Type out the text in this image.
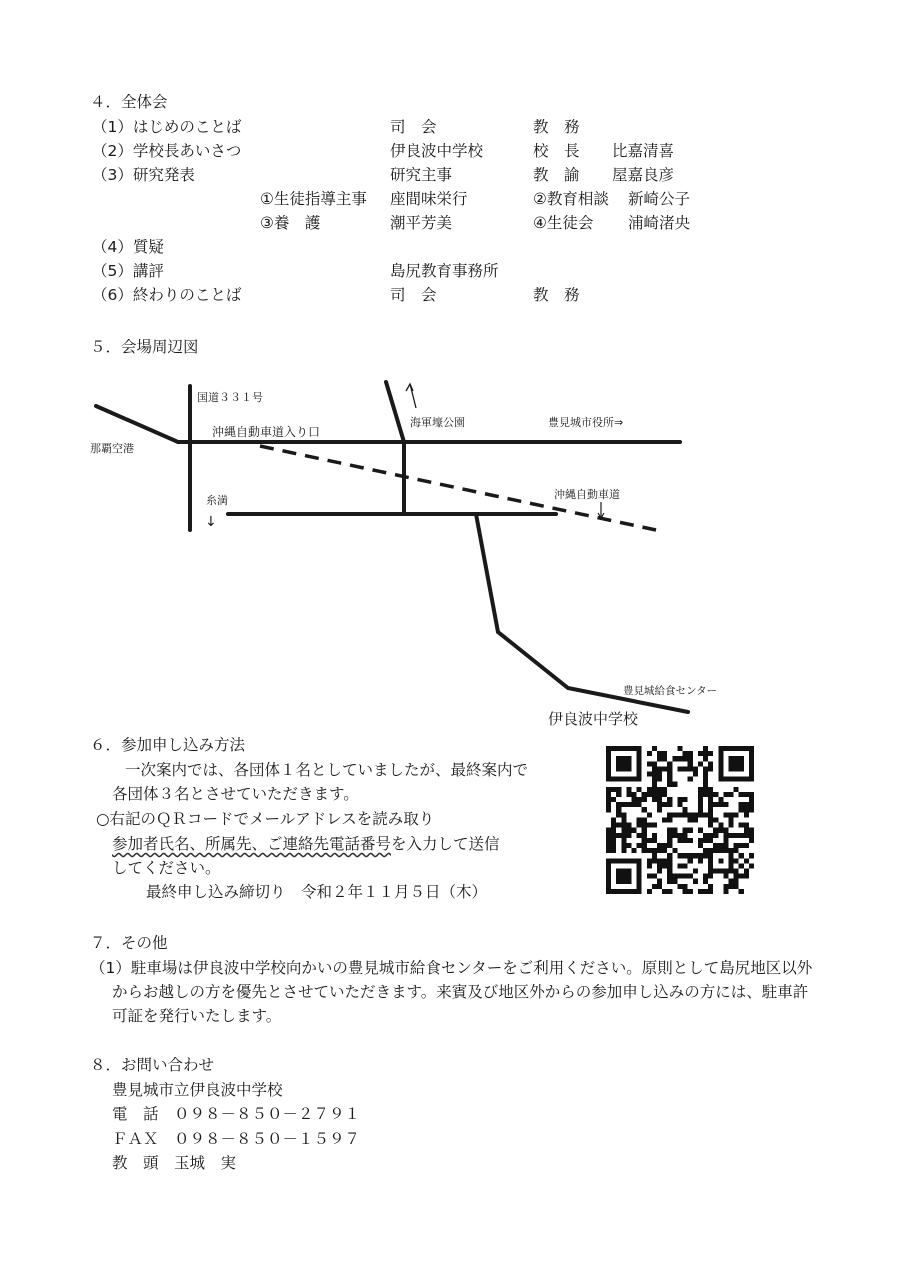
４．全体会
（1）はじめのことば	司　会	教　務
（2）学校長あいさつ	伊良波中学校	校　長 比嘉清喜
（3）研究発表	研究主事	教　諭 屋嘉良彦
①生徒指導主事 座間味栄行	②教育相談 新崎公子
③養　護	潮平芳美	④生徒会 浦崎渚央
（4）質疑
（5）講評	島尻教育事務所
（6）終わりのことば	司　会	教　務
５．会場周辺図
国道３３１号
那覇空港
沖縄自動車道入り口
海軍壕公園	豊見城市役所⇒
糸満
↓
沖縄自動車道
豊見城給食センター
伊良波中学校
６．参加申し込み方法
一次案内では、各団体１名としていましたが、最終案内で
各団体３名とさせていただきます。
○右記のＱＲコードでメールアドレスを読み取り
参加者氏名、所属先、ご連絡先電話番号を入力して送信
してください。
最終申し込み締切り　令和２年１１月５日（木）
７．その他
（1）駐車場は伊良波中学校向かいの豊見城市給食センターをご利用ください。原則として島尻地区以外
からお越しの方を優先とさせていただきます。来賓及び地区外からの参加申し込みの方には、駐車許
可証を発行いたします。
８．お問い合わせ
豊見城市立伊良波中学校
電　話　０９８－８５０－２７９１
ＦＡＸ　０９８－８５０－１５９７
教　頭　玉城　実
